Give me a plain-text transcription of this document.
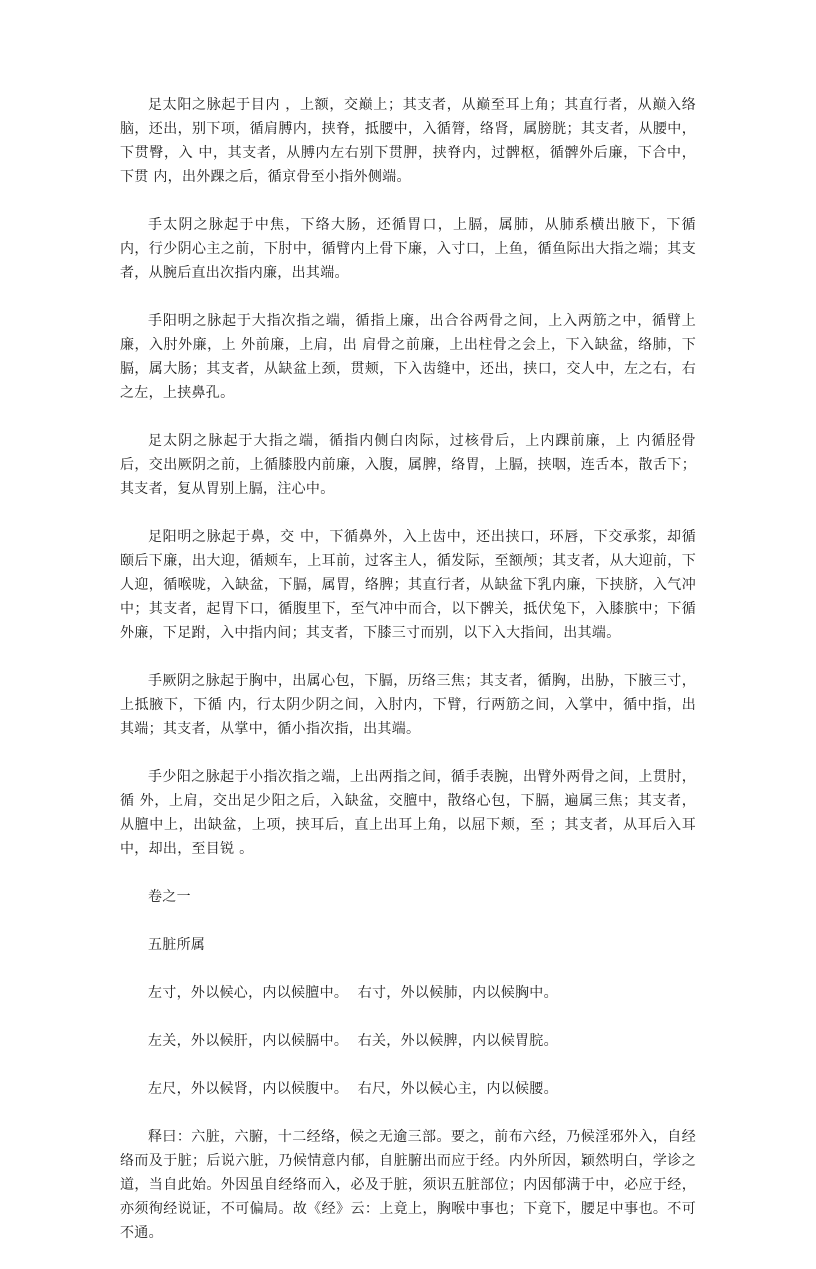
足太阳之脉起于目内 ，上额，交巅上；其支者，从巅至耳上角；其直行者，从巅入络脑，还出，别下项，循肩膊内，挟脊，抵腰中，入循膂，络肾，属膀胱；其支者，从腰中，下贯臀，入 中，其支者，从膊内左右别下贯胛，挟脊内，过髀枢，循髀外后廉，下合中，下贯 内，出外踝之后，循京骨至小指外侧端。

手太阴之脉起于中焦，下络大肠，还循胃口，上膈，属肺，从肺系横出腋下，下循 内，行少阴心主之前，下肘中，循臂内上骨下廉，入寸口，上鱼，循鱼际出大指之端；其支者，从腕后直出次指内廉，出其端。

手阳明之脉起于大指次指之端，循指上廉，出合谷两骨之间，上入两筋之中，循臂上廉，入肘外廉，上 外前廉，上肩，出 肩骨之前廉，上出柱骨之会上，下入缺盆，络肺，下膈，属大肠；其支者，从缺盆上颈，贯颊，下入齿缝中，还出，挟口，交人中，左之右，右之左，上挟鼻孔。

足太阴之脉起于大指之端，循指内侧白肉际，过核骨后，上内踝前廉，上 内循胫骨后，交出厥阴之前，上循膝股内前廉，入腹，属脾，络胃，上膈，挟咽，连舌本，散舌下；其支者，复从胃别上膈，注心中。

足阳明之脉起于鼻，交 中，下循鼻外，入上齿中，还出挟口，环唇，下交承浆，却循颐后下廉，出大迎，循颊车，上耳前，过客主人，循发际，至额颅；其支者，从大迎前，下人迎，循喉咙，入缺盆，下膈，属胃，络脾；其直行者，从缺盆下乳内廉，下挟脐，入气冲中；其支者，起胃下口，循腹里下，至气冲中而合，以下髀关，抵伏兔下，入膝膑中；下循 外廉，下足跗，入中指内间；其支者，下膝三寸而别，以下入大指间，出其端。

手厥阴之脉起于胸中，出属心包，下膈，历络三焦；其支者，循胸，出胁，下腋三寸，上抵腋下，下循 内，行太阴少阴之间，入肘内，下臂，行两筋之间，入掌中，循中指，出其端；其支者，从掌中，循小指次指，出其端。

手少阳之脉起于小指次指之端，上出两指之间，循手表腕，出臂外两骨之间，上贯肘，循 外，上肩，交出足少阳之后，入缺盆，交膻中，散络心包，下膈，遍属三焦；其支者，从膻中上，出缺盆，上项，挟耳后，直上出耳上角，以屈下颊，至 ；其支者，从耳后入耳中，却出，至目锐 。

卷之一

五脏所属

左寸，外以候心，内以候膻中。  右寸，外以候肺，内以候胸中。

左关，外以候肝，内以候膈中。  右关，外以候脾，内以候胃脘。

左尺，外以候肾，内以候腹中。  右尺，外以候心主，内以候腰。

释曰：六脏，六腑，十二经络，候之无逾三部。要之，前布六经，乃候淫邪外入，自经络而及于脏；后说六脏，乃候情意内郁，自脏腑出而应于经。内外所因，颖然明白，学诊之道，当自此始。外因虽自经络而入，必及于脏，须识五脏部位；内因郁满于中，必应于经，亦须徇经说证，不可偏局。故《经》云：上竟上，胸喉中事也；下竟下，腰足中事也。不可不通。
